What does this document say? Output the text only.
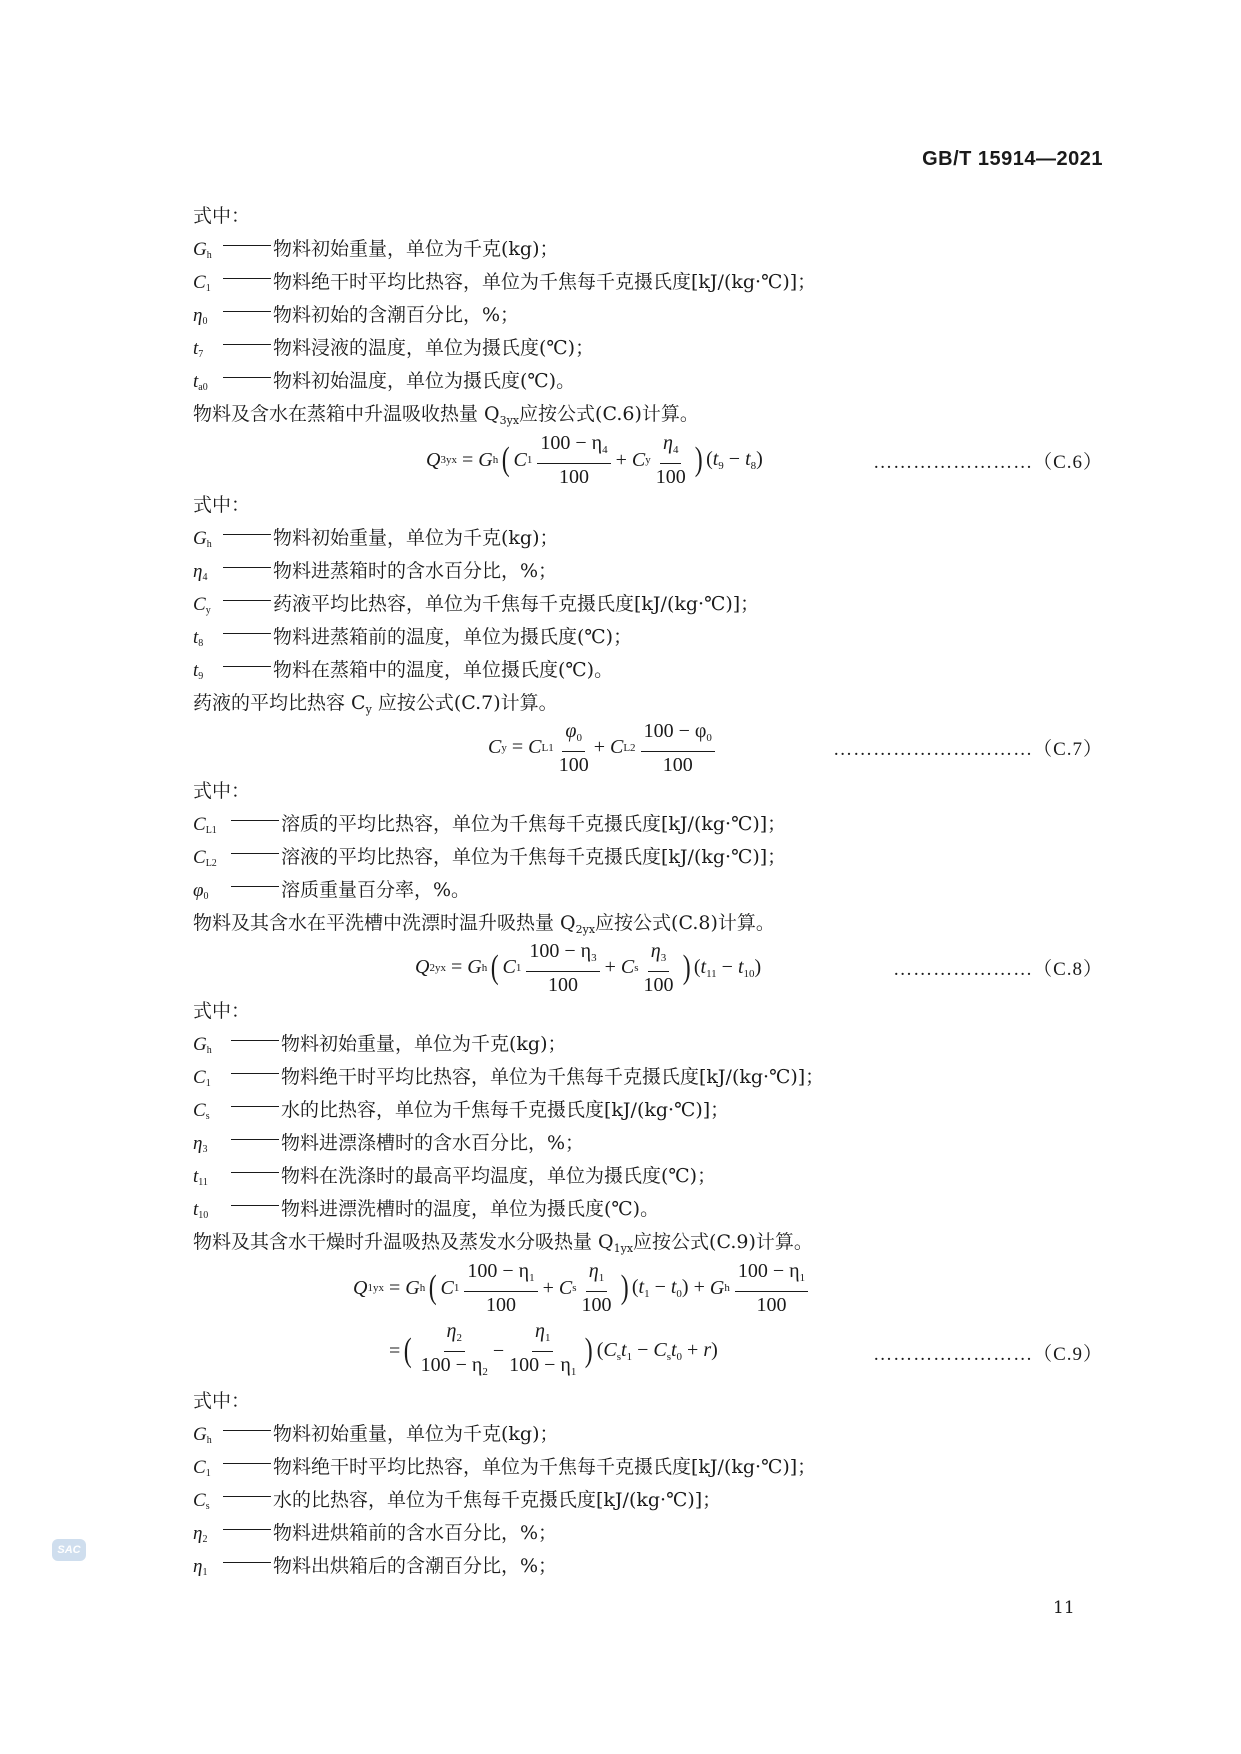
GB/T 15914—2021
式中：
$G_h$	物料初始重量，单位为千克(kg)；
$C_1$	物料绝干时平均比热容，单位为千焦每千克摄氏度[kJ/(kg·℃)]；
$\eta_0$	物料初始的含潮百分比，%；
$t_7$	物料浸液的温度，单位为摄氏度(℃)；
$t_{a0}$	物料初始温度，单位为摄氏度(℃)。
物料及含水在蒸箱中升温吸收热量 $Q_{3yx}$应按公式(C.6)计算。
Q 3yx = G h ( C $1 \frac{100 - \eta_4}{100} + C$ y $\frac{\eta_4}{100}$ ) $(t_9 - t_8)$	……………………（C.6）
式中：
$G_h$	物料初始重量，单位为千克(kg)；
$\eta_4$	物料进蒸箱时的含水百分比，%；
$C_y$	药液平均比热容，单位为千焦每千克摄氏度[kJ/(kg·℃)]；
$t_8$	物料进蒸箱前的温度，单位为摄氏度(℃)；
$t_9$	物料在蒸箱中的温度，单位摄氏度(℃)。
药液的平均比热容 $C_y$ 应按公式(C.7)计算。
C y = C $L1 \frac{\varphi_0}{100} + C$ $L2 \frac{100 - \varphi_0}{100}$	…………………………（C.7）
式中：
$C_{L1}$	溶质的平均比热容，单位为千焦每千克摄氏度[kJ/(kg·℃)]；
$C_{L2}$	溶液的平均比热容，单位为千焦每千克摄氏度[kJ/(kg·℃)]；
$\varphi_0$	溶质重量百分率，%。
物料及其含水在平洗槽中洗漂时温升吸热量 $Q_{2yx}$应按公式(C.8)计算。
Q 2yx = G h ( C $1 \frac{100 - \eta_3}{100} + C$ s $\frac{\eta_3}{100}$ ) $(t_{11} - t_{10})$	…………………（C.8）
式中：
$G_h$	物料初始重量，单位为千克(kg)；
$C_1$	物料绝干时平均比热容，单位为千焦每千克摄氏度[kJ/(kg·℃)]；
$C_s$	水的比热容，单位为千焦每千克摄氏度[kJ/(kg·℃)]；
$\eta_3$	物料进漂涤槽时的含水百分比，%；
$t_{11}$	物料在洗涤时的最高平均温度，单位为摄氏度(℃)；
$t_{10}$	物料进漂洗槽时的温度，单位为摄氏度(℃)。
物料及其含水干燥时升温吸热及蒸发水分吸热量 $Q_{1yx}$应按公式(C.9)计算。
Q 1yx = G h ( C $1 \frac{100 - \eta_1}{100} + C$ s $\frac{\eta_1}{100}$ ) $(t_1 - t_0) + G$ h $\frac{100 - \eta_1}{100}$
= ( $\frac{\eta_2}{100 - \eta_2} - \frac{\eta_1}{100 - \eta_1}$ ) $(C_st_1 - C_st_0 + r)$	……………………（C.9）
式中：
$G_h$	物料初始重量，单位为千克(kg)；
$C_1$	物料绝干时平均比热容，单位为千焦每千克摄氏度[kJ/(kg·℃)]；
$C_s$	水的比热容，单位为千焦每千克摄氏度[kJ/(kg·℃)]；
$\eta_2$	物料进烘箱前的含水百分比，%；
$\eta_1$	物料出烘箱后的含潮百分比，%；
SAC
11
